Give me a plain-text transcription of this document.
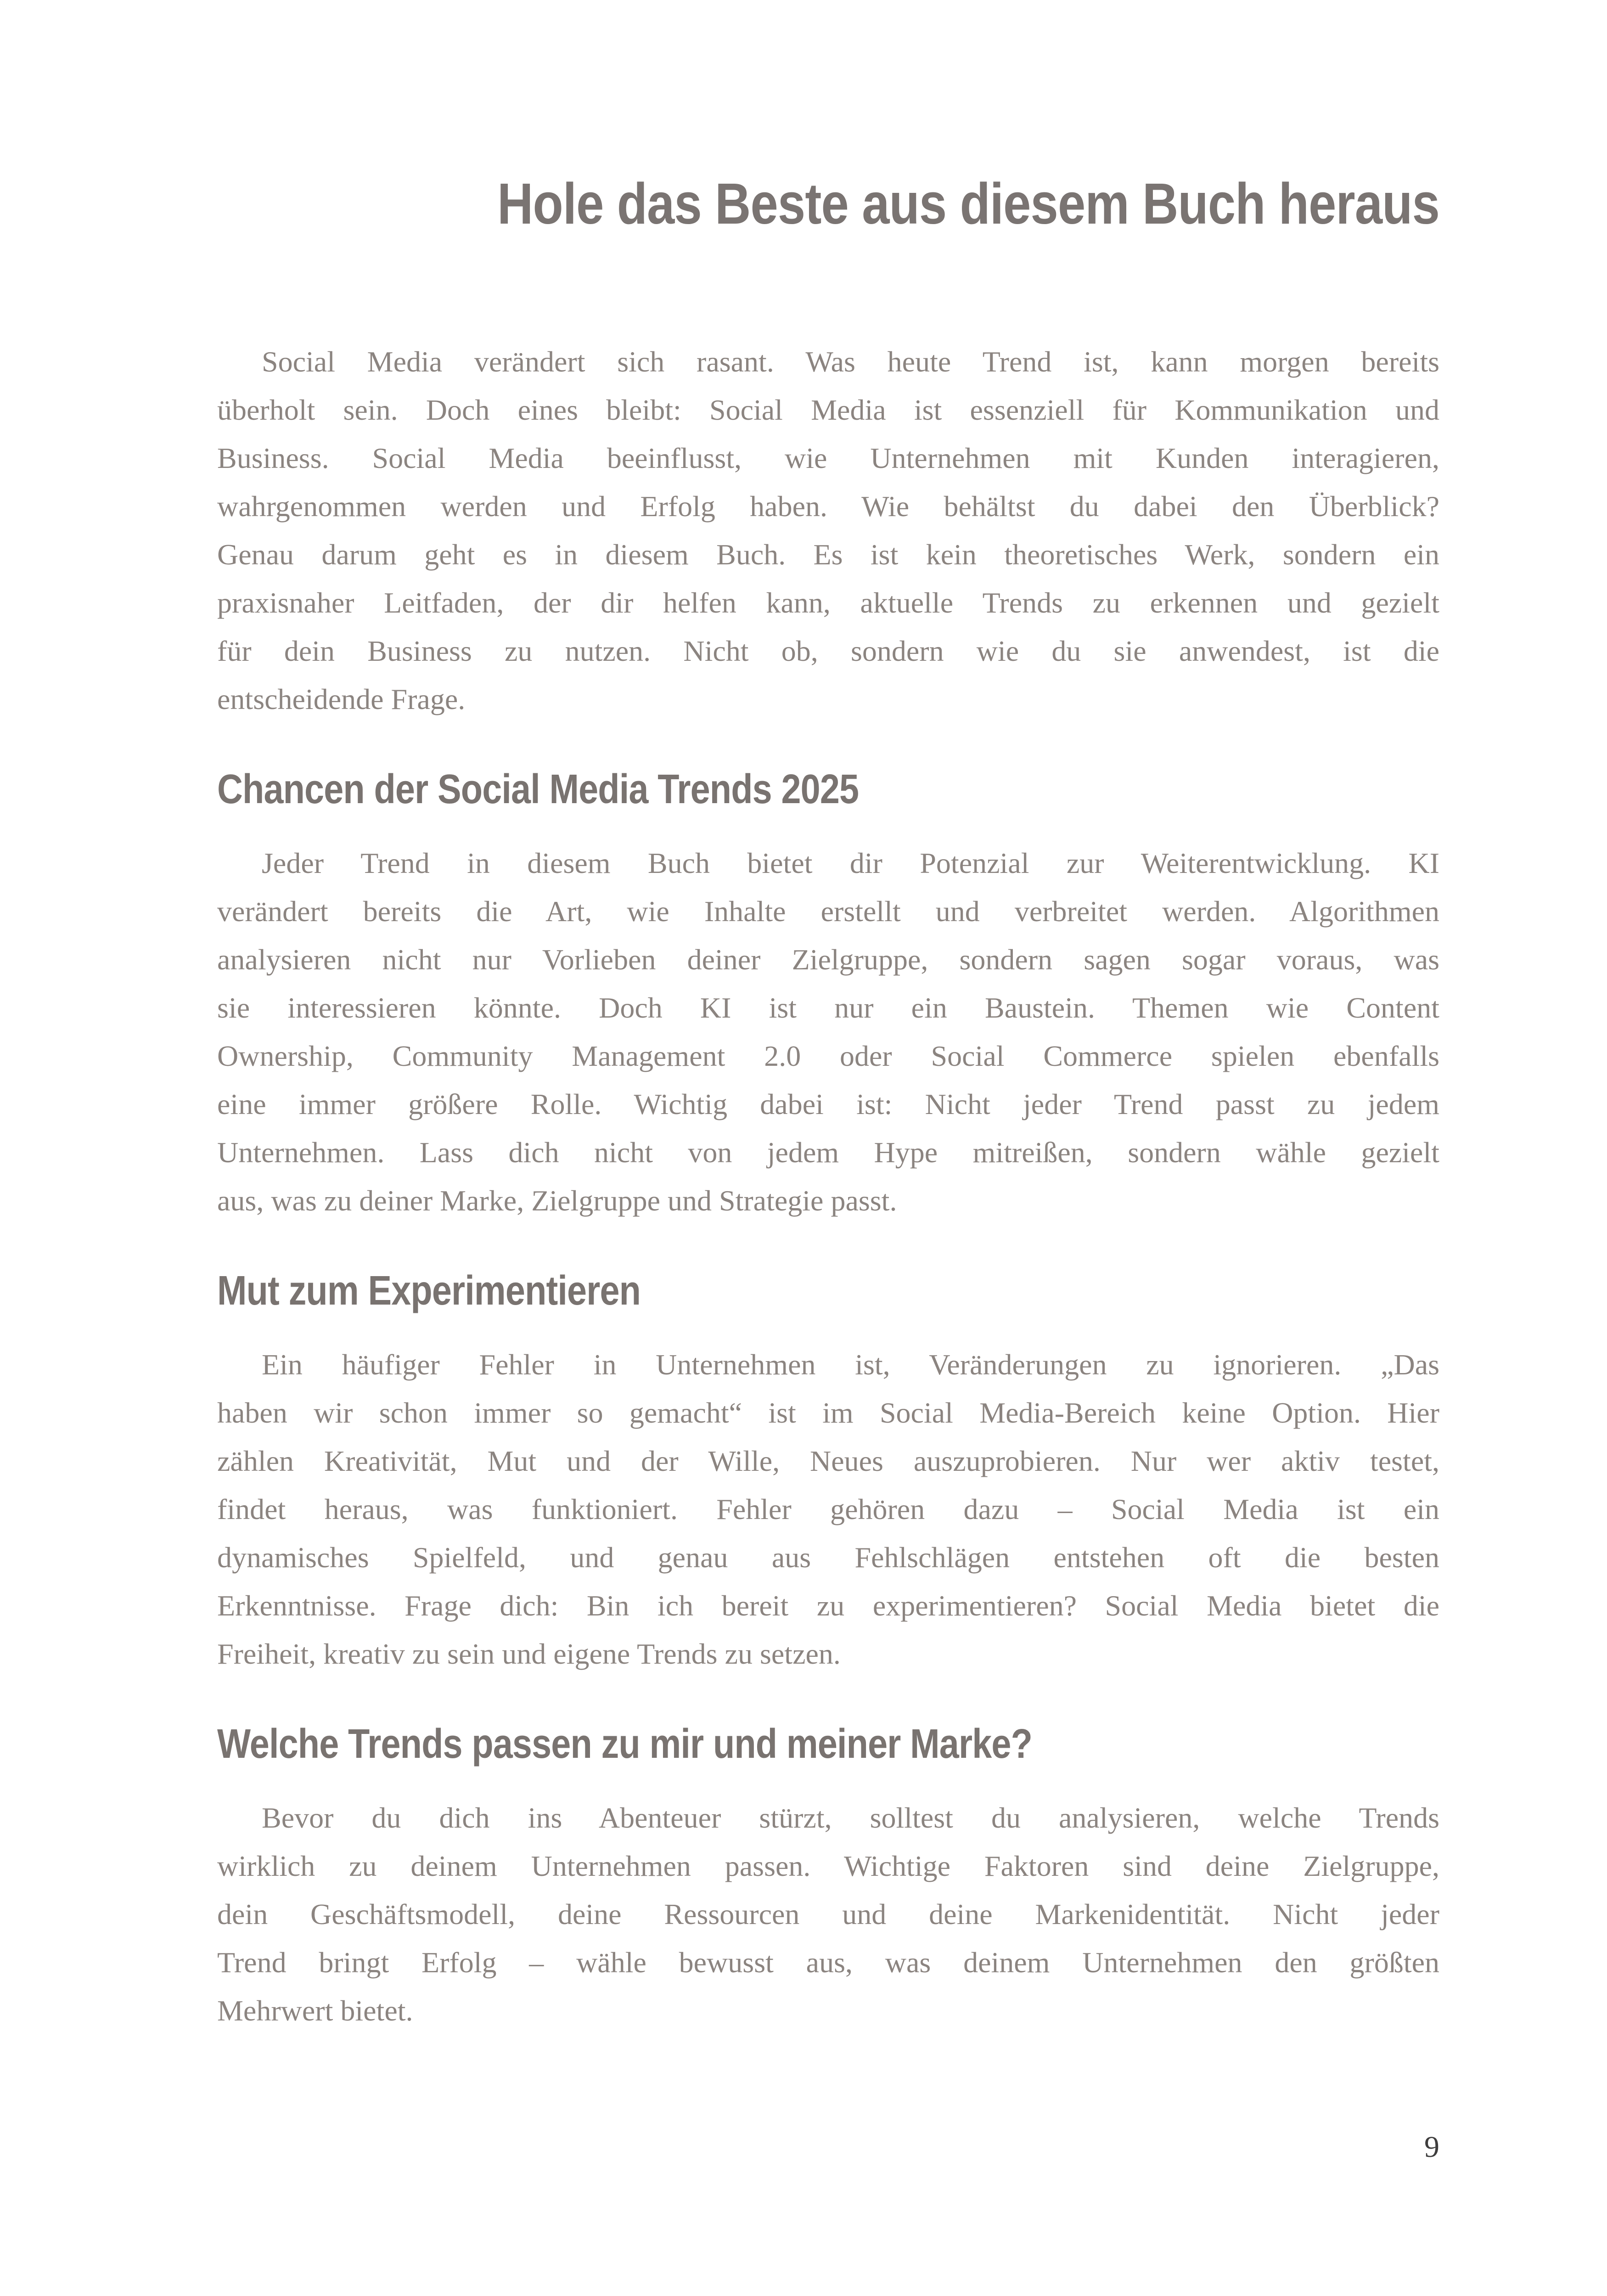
Hole das Beste aus diesem Buch heraus
Social Media verändert sich rasant. Was heute Trend ist, kann morgen bereits
überholt sein. Doch eines bleibt: Social Media ist essenziell für Kommunikation und
Business. Social Media beeinflusst, wie Unternehmen mit Kunden interagieren,
wahrgenommen werden und Erfolg haben. Wie behältst du dabei den Überblick?
Genau darum geht es in diesem Buch. Es ist kein theoretisches Werk, sondern ein
praxisnaher Leitfaden, der dir helfen kann, aktuelle Trends zu erkennen und gezielt
für dein Business zu nutzen. Nicht ob, sondern wie du sie anwendest, ist die
entscheidende Frage.
Chancen der Social Media Trends 2025
Jeder Trend in diesem Buch bietet dir Potenzial zur Weiterentwicklung. KI
verändert bereits die Art, wie Inhalte erstellt und verbreitet werden. Algorithmen
analysieren nicht nur Vorlieben deiner Zielgruppe, sondern sagen sogar voraus, was
sie interessieren könnte. Doch KI ist nur ein Baustein. Themen wie Content
Ownership, Community Management 2.0 oder Social Commerce spielen ebenfalls
eine immer größere Rolle. Wichtig dabei ist: Nicht jeder Trend passt zu jedem
Unternehmen. Lass dich nicht von jedem Hype mitreißen, sondern wähle gezielt
aus, was zu deiner Marke, Zielgruppe und Strategie passt.
Mut zum Experimentieren
Ein häufiger Fehler in Unternehmen ist, Veränderungen zu ignorieren. „Das
haben wir schon immer so gemacht“ ist im Social Media-Bereich keine Option. Hier
zählen Kreativität, Mut und der Wille, Neues auszuprobieren. Nur wer aktiv testet,
findet heraus, was funktioniert. Fehler gehören dazu – Social Media ist ein
dynamisches Spielfeld, und genau aus Fehlschlägen entstehen oft die besten
Erkenntnisse. Frage dich: Bin ich bereit zu experimentieren? Social Media bietet die
Freiheit, kreativ zu sein und eigene Trends zu setzen.
Welche Trends passen zu mir und meiner Marke?
Bevor du dich ins Abenteuer stürzt, solltest du analysieren, welche Trends
wirklich zu deinem Unternehmen passen. Wichtige Faktoren sind deine Zielgruppe,
dein Geschäftsmodell, deine Ressourcen und deine Markenidentität. Nicht jeder
Trend bringt Erfolg – wähle bewusst aus, was deinem Unternehmen den größten
Mehrwert bietet.
9
